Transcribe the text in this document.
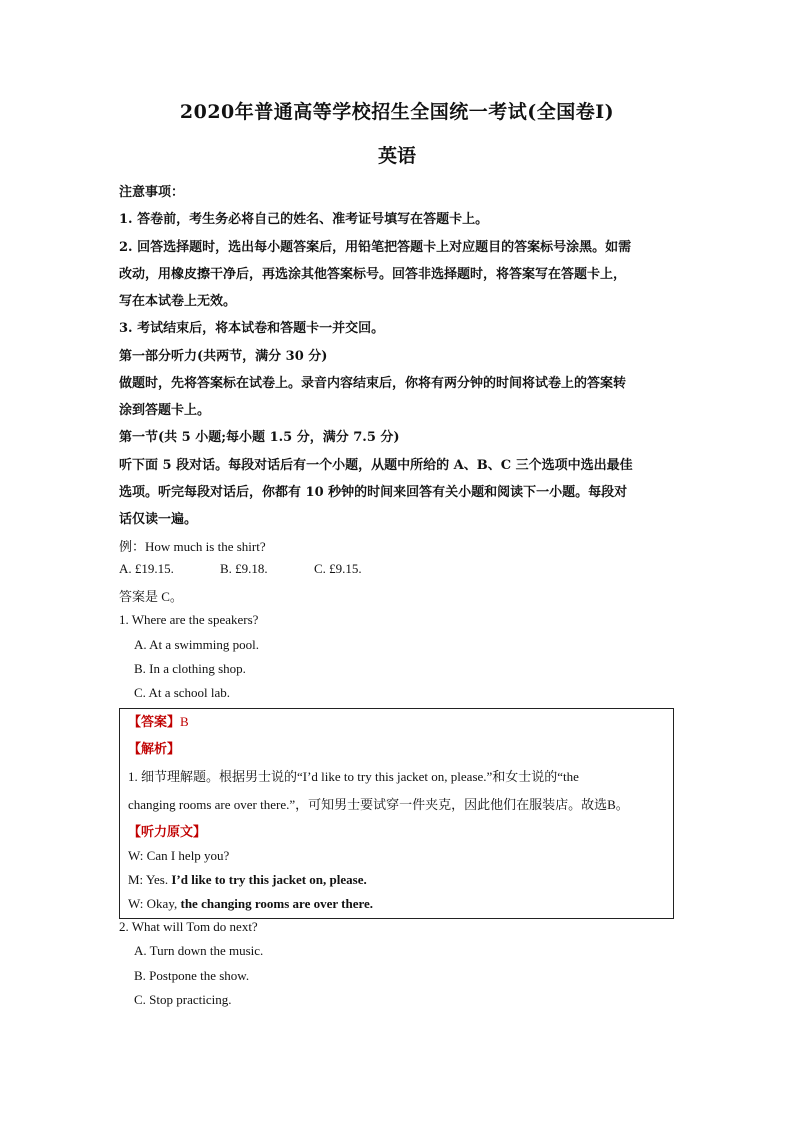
2020年普通高等学校招生全国统一考试(全国卷Ⅰ)
英语
注意事项：
1. 答卷前，考生务必将自己的姓名、准考证号填写在答题卡上。
2. 回答选择题时，选出每小题答案后，用铅笔把答题卡上对应题目的答案标号涂黑。如需
改动，用橡皮擦干净后，再选涂其他答案标号。回答非选择题时，将答案写在答题卡上，
写在本试卷上无效。
3. 考试结束后，将本试卷和答题卡一并交回。
第一部分听力(共两节，满分 30 分)
做题时，先将答案标在试卷上。录音内容结束后，你将有两分钟的时间将试卷上的答案转
涂到答题卡上。
第一节(共 5 小题;每小题 1.5 分，满分 7.5 分)
听下面 5 段对话。每段对话后有一个小题，从题中所给的 A、B、C 三个选项中选出最佳
选项。听完每段对话后，你都有 10 秒钟的时间来回答有关小题和阅读下一小题。每段对
话仅读一遍。
例：How much is the shirt?
A. £19.15.	B. £9.18.	C. £9.15.
答案是 C。
1. Where are the speakers?
A. At a swimming pool.
B. In a clothing shop.
C. At a school lab.
【答案】B
【解析】
1. 细节理解题。根据男士说的“I’d like to try this jacket on, please.”和女士说的“the
changing rooms are over there.”，可知男士要试穿一件夹克，因此他们在服装店。故选B。
【听力原文】
W: Can I help you?
M: Yes. I’d like to try this jacket on, please.
W: Okay, the changing rooms are over there.
2. What will Tom do next?
A. Turn down the music.
B. Postpone the show.
C. Stop practicing.
